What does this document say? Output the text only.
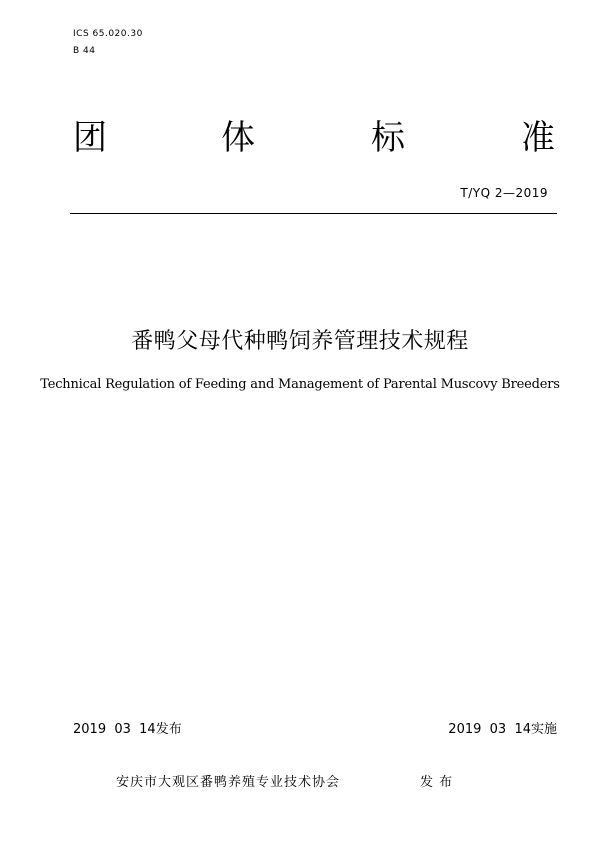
ICS 65.020.30
B 44
团	体	标	准
T/YQ 2—2019
番鸭父母代种鸭饲养管理技术规程
Technical Regulation of Feeding and Management of Parental Muscovy Breeders
2019  03  14发布	2019  03  14实施
安庆市大观区番鸭养殖专业技术协会	发 布
